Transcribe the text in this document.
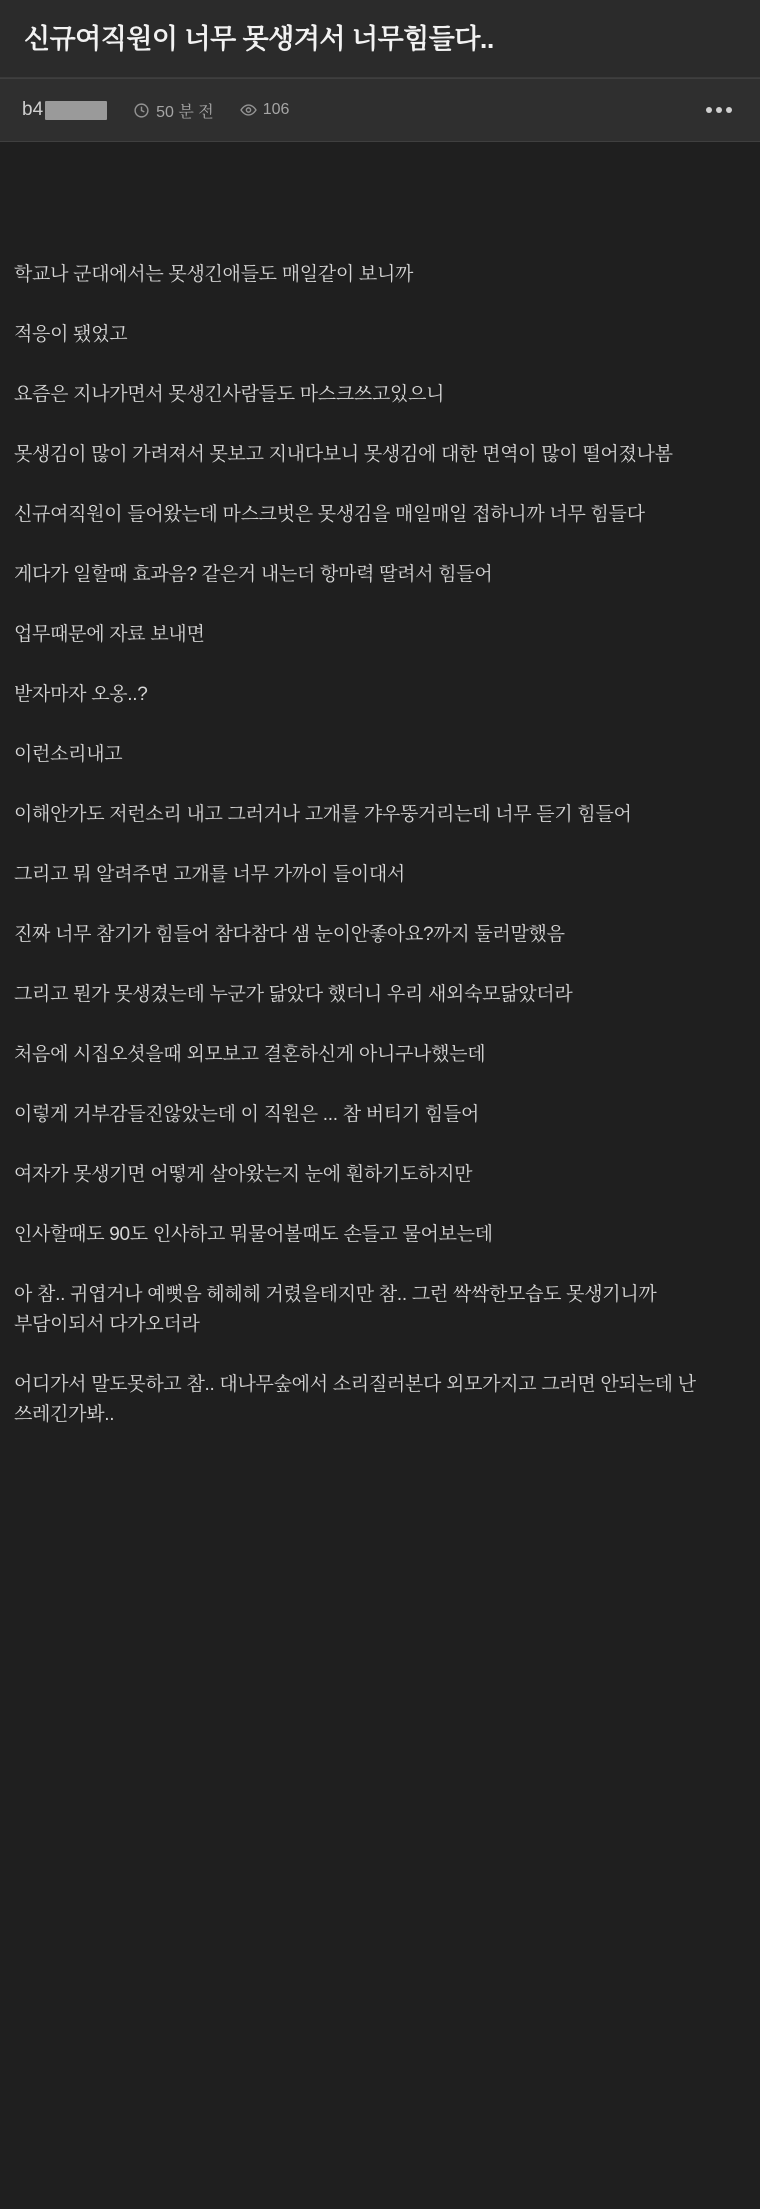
신규여직원이 너무 못생겨서 너무힘들다..
b4	50 분 전	106

학교나 군대에서는 못생긴애들도 매일같이 보니까

적응이 됐었고

요즘은 지나가면서 못생긴사람들도 마스크쓰고있으니

못생김이 많이 가려져서 못보고 지내다보니 못생김에 대한 면역이 많이 떨어졌나봄

신규여직원이 들어왔는데 마스크벗은 못생김을 매일매일 접하니까 너무 힘들다

게다가 일할때 효과음? 같은거 내는더 항마력 딸려서 힘들어

업무때문에 자료 보내면

받자마자 오옹..?

이런소리내고

이해안가도 저런소리 내고 그러거나 고개를 갸우뚱거리는데 너무 듣기 힘들어

그리고 뭐 알려주면 고개를 너무 가까이 들이대서

진짜 너무 참기가 힘들어 참다참다 샘 눈이안좋아요?까지 둘러말했음

그리고 뭔가 못생겼는데 누군가 닮았다 했더니 우리 새외숙모닮았더라

처음에 시집오셧을때 외모보고 결혼하신게 아니구나했는데

이렇게 거부감들진않았는데 이 직원은 ... 참 버티기 힘들어

여자가 못생기면 어떻게 살아왔는지 눈에 훤하기도하지만

인사할때도 90도 인사하고 뭐물어볼때도 손들고 물어보는데

아 참.. 귀엽거나 예뻣음 헤헤헤 거렸을테지만 참.. 그런 싹싹한모습도 못생기니까 부담이되서 다가오더라

어디가서 말도못하고 참.. 대나무숲에서 소리질러본다 외모가지고 그러면 안되는데 난 쓰레긴가봐..
